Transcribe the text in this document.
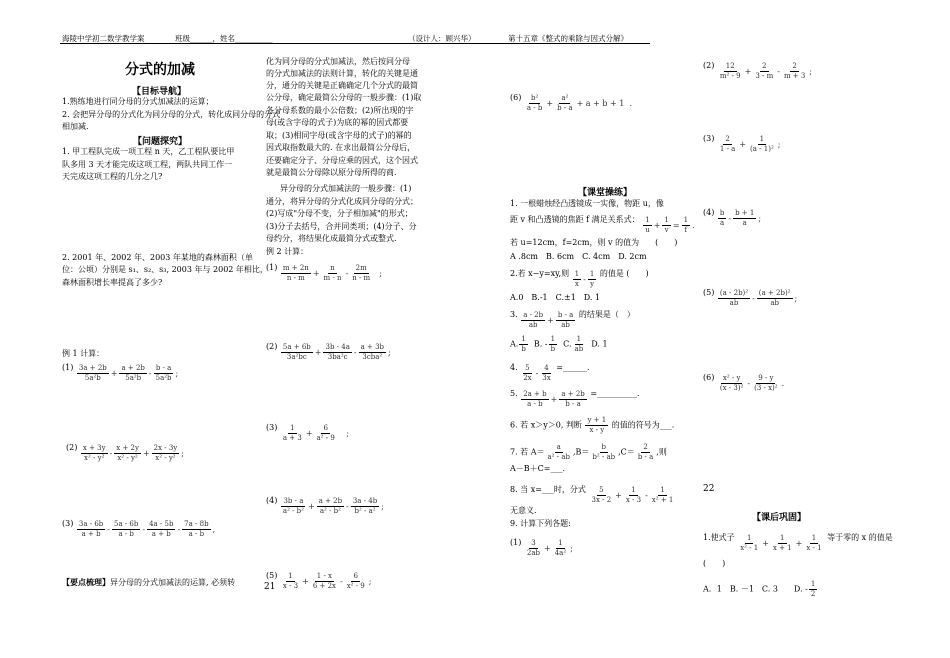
海陵中学初二数学教学案	班级______，姓名__________	（设计人：顾兴华）	第十五章《整式的乘除与因式分解》
分式的加减
【目标导航】
1.熟练地进行同分母的分式加减法的运算；
2. 会把异分母的分式化为同分母的分式，转化成同分母的分式
相加减.
【问题探究】
1. 甲工程队完成一项工程 n 天，乙工程队要比甲
队多用 3 天才能完成这项工程，两队共同工作一
天完成这项工程的几分之几?
2. 2001 年、2002 年、2003 年某地的森林面积（单
位：公顷）分别是 s₁、s₂、s₃, 2003 年与 2002 年相比，
森林面积增长率提高了多少?
例 1 计算：
$(1) \frac{3a + 2b}{\text{5a²b}} + \frac{a + 2b}{\text{5a²b}} - \frac{b - a}{\text{5a²b}}$ ;
$(2) \frac{x + 3y}{\text{x² - y²}} - \frac{x + 2y}{\text{x² - y²}} + \frac{2x - 3y}{\text{x² - y²}}$ ;
$(3) \frac{3a - 6b}{a + b} - \frac{5a - 6b}{a - b} - \frac{4a - 5b}{a + b} - \frac{7a - 8b}{a - b}$ ,
【要点梳理】异分母的分式加减法的运算, 必须转	21
化为同分母的分式加减法，然后按同分母
的分式加减法的法则计算，转化的关键是通
分，通分的关键是正确确定几个分式的最简
公分母，确定最简公分母的一般步骤：(1)取
各分母系数的最小公倍数；(2)所出现的字
母(或含字母的式子)为底的幂的因式都要
取；(3)相同字母(或含字母的式子)的幂的
因式取指数最大的. 在求出最简公分母后，
还要确定分子、分母应乘的因式，这个因式
就是最简公分母除以原分母所得的商.
异分母的分式加减法的一般步骤：(1)
通分，将异分母的分式化成同分母的分式；
(2)写成"分母不变，分子相加减"的形式；
(3)分子去括号，合并同类项；(4)分子、分
母约分，将结果化成最简分式或整式.
例 2 计算：
$(1) \frac{m + 2n}{n - m} + \frac{n}{m - n} - \frac{2m}{n - m}$ ;
$(2) \frac{5a + 6b}{\text{3a²bc}} + \frac{3b - 4a}{\text{3ba²c}} - \frac{a + 3b}{\text{3cba²}}$ ;
$(3) \frac{1}{a + 3} + \frac{6}{\text{a² - 9}}$ ;
$(4) \frac{3b - a}{\text{a² - b²}} + \frac{a + 2b}{\text{a² - b²}} - \frac{3a - 4b}{\text{b² - a²}}$ ;
$(5) \frac{1}{x - 3} + \frac{1 - x}{6 + 2x} - \frac{6}{\text{x² - 9}}$ ;
$(6) \frac{\text{b²}}{a - b} + \frac{\text{a²}}{b - a} + a + b + 1$  .
【课堂操练】
1. 一根蜡烛经凸透镜成一实像，物距 u，像
距 v 和凸透镜的焦距 f 满足关系式： $\frac{1}{u} + \frac{1}{v} = \frac{1}{f}$ .
若 u=12cm，f=2cm，则 v 的值为　　(　　)
A .8cm　B. 6cm　C. 4cm　D. 2cm
2.若 x−y=xy,则 $\frac{1}{x} - \frac{1}{y}$ 的值是 (　　)
A.0　B.-1　C.±1　D. 1
3. $\frac{a - 2b}{ab} + \frac{b - a}{ab}$ 的结果是（　）
A. $\frac{1}{b} B$. - $\frac{1}{b} C$. $\frac{1}{ab} D$. 1
4. $\frac{5}{2x} - \frac{4}{3x}$ =______.
5. $\frac{2a + b}{a - b} + \frac{a + 2b}{b - a}$ =__________．
6. 若 x＞y＞0, 判断 $\frac{y + 1}{x - y}$ 的值的符号为___.
7. 若 $A= \frac{a}{\text{a² - ab}} ,B= \frac{b}{\text{b² - ab}} ,C= \frac{2}{b - a}$ ,则
A－B＋C=___．
8. 当 x=___时，分式 $\frac{5}{3x - 2} + \frac{1}{x - 3} - \frac{1}{\text{x² + 1}}$
无意义.
9. 计算下列各题:
$(1) \frac{3}{2ab} + \frac{1}{\text{4a²}}$ ;
$(2) \frac{12}{\text{m² - 9}} + \frac{2}{3 - m} - \frac{2}{m + 3}$ ;
$(3) \frac{2}{1 - a} + \frac{1}{\text{(a - 1)²}}$ ;
$(4) \frac{b}{a} - \frac{b + 1}{a}$ ;
$(5) \frac{\text{(a - 2b)²}}{ab} - \frac{\text{(a + 2b)²}}{ab}$ ;
$(6) \frac{\text{x² - y}}{\text{(x - 3)²}} - \frac{9 - y}{\text{(3 - x)²}}$ .
22
【课后巩固】
1.使式子 $\frac{1}{\text{x² - 1}} + \frac{1}{x + 1} + \frac{1}{x - 1}$ 等于零的 x 的值是
(　　)
A．1　B. －1　C. 3　　D. - $\frac{1}{2}$
